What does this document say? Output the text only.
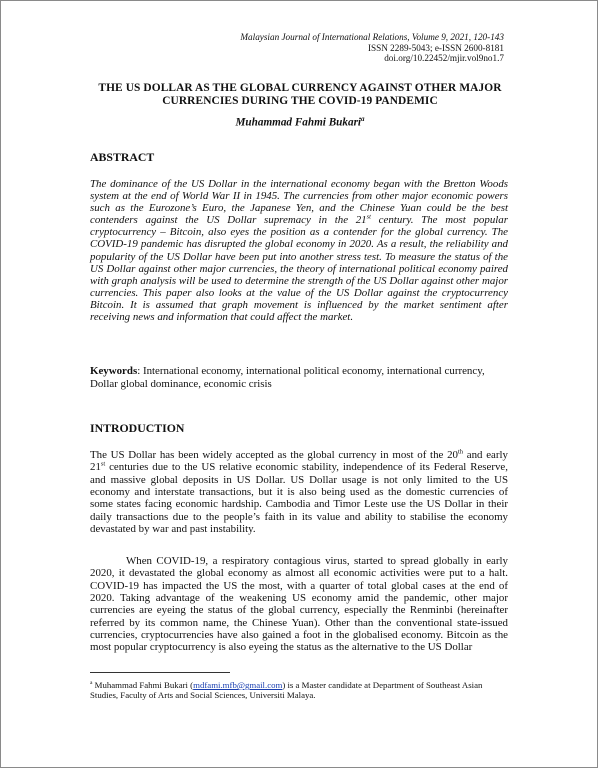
Malaysian Journal of International Relations, Volume 9, 2021, 120-143
ISSN 2289-5043; e-ISSN 2600-8181
doi.org/10.22452/mjir.vol9no1.7
THE US DOLLAR AS THE GLOBAL CURRENCY AGAINST OTHER MAJOR
CURRENCIES DURING THE COVID-19 PANDEMIC
Muhammad Fahmi Bukari$^a$
ABSTRACT

The dominance of the US Dollar in the international economy began with the Bretton Woods system at the end of World War II in 1945. The currencies from other major economic powers such as the Eurozone’s Euro, the Japanese Yen, and the Chinese Yuan could be the best contenders against the US Dollar supremacy in the 21st century. The most popular cryptocurrency – Bitcoin, also eyes the position as a contender for the global currency. The COVID-19 pandemic has disrupted the global economy in 2020. As a result, the reliability and popularity of the US Dollar have been put into another stress test. To measure the status of the US Dollar against other major currencies, the theory of international political economy paired with graph analysis will be used to determine the strength of the US Dollar against other major currencies. This paper also looks at the value of the US Dollar against the cryptocurrency Bitcoin. It is assumed that graph movement is influenced by the market sentiment after receiving news and information that could affect the market.

Keywords: International economy, international political economy, international currency, Dollar global dominance, economic crisis

INTRODUCTION

The US Dollar has been widely accepted as the global currency in most of the 20th and early 21st centuries due to the US relative economic stability, independence of its Federal Reserve, and massive global deposits in US Dollar. US Dollar usage is not only limited to the US economy and interstate transactions, but it is also being used as the domestic currencies of some states facing economic hardship. Cambodia and Timor Leste use the US Dollar in their daily transactions due to the people’s faith in its value and ability to stabilise the economy devastated by war and past instability.

When COVID-19, a respiratory contagious virus, started to spread globally in early 2020, it devastated the global economy as almost all economic activities were put to a halt. COVID-19 has impacted the US the most, with a quarter of total global cases at the end of 2020. Taking advantage of the weakening US economy amid the pandemic, other major currencies are eyeing the status of the global currency, especially the Renminbi (hereinafter referred by its common name, the Chinese Yuan). Other than the conventional state-issued currencies, cryptocurrencies have also gained a foot in the globalised economy. Bitcoin as the most popular cryptocurrency is also eyeing the status as the alternative to the US Dollar

$^a$ Muhammad Fahmi Bukari (mdfami.mfb@gmail.com) is a Master candidate at Department of Southeast Asian Studies, Faculty of Arts and Social Sciences, Universiti Malaya.
